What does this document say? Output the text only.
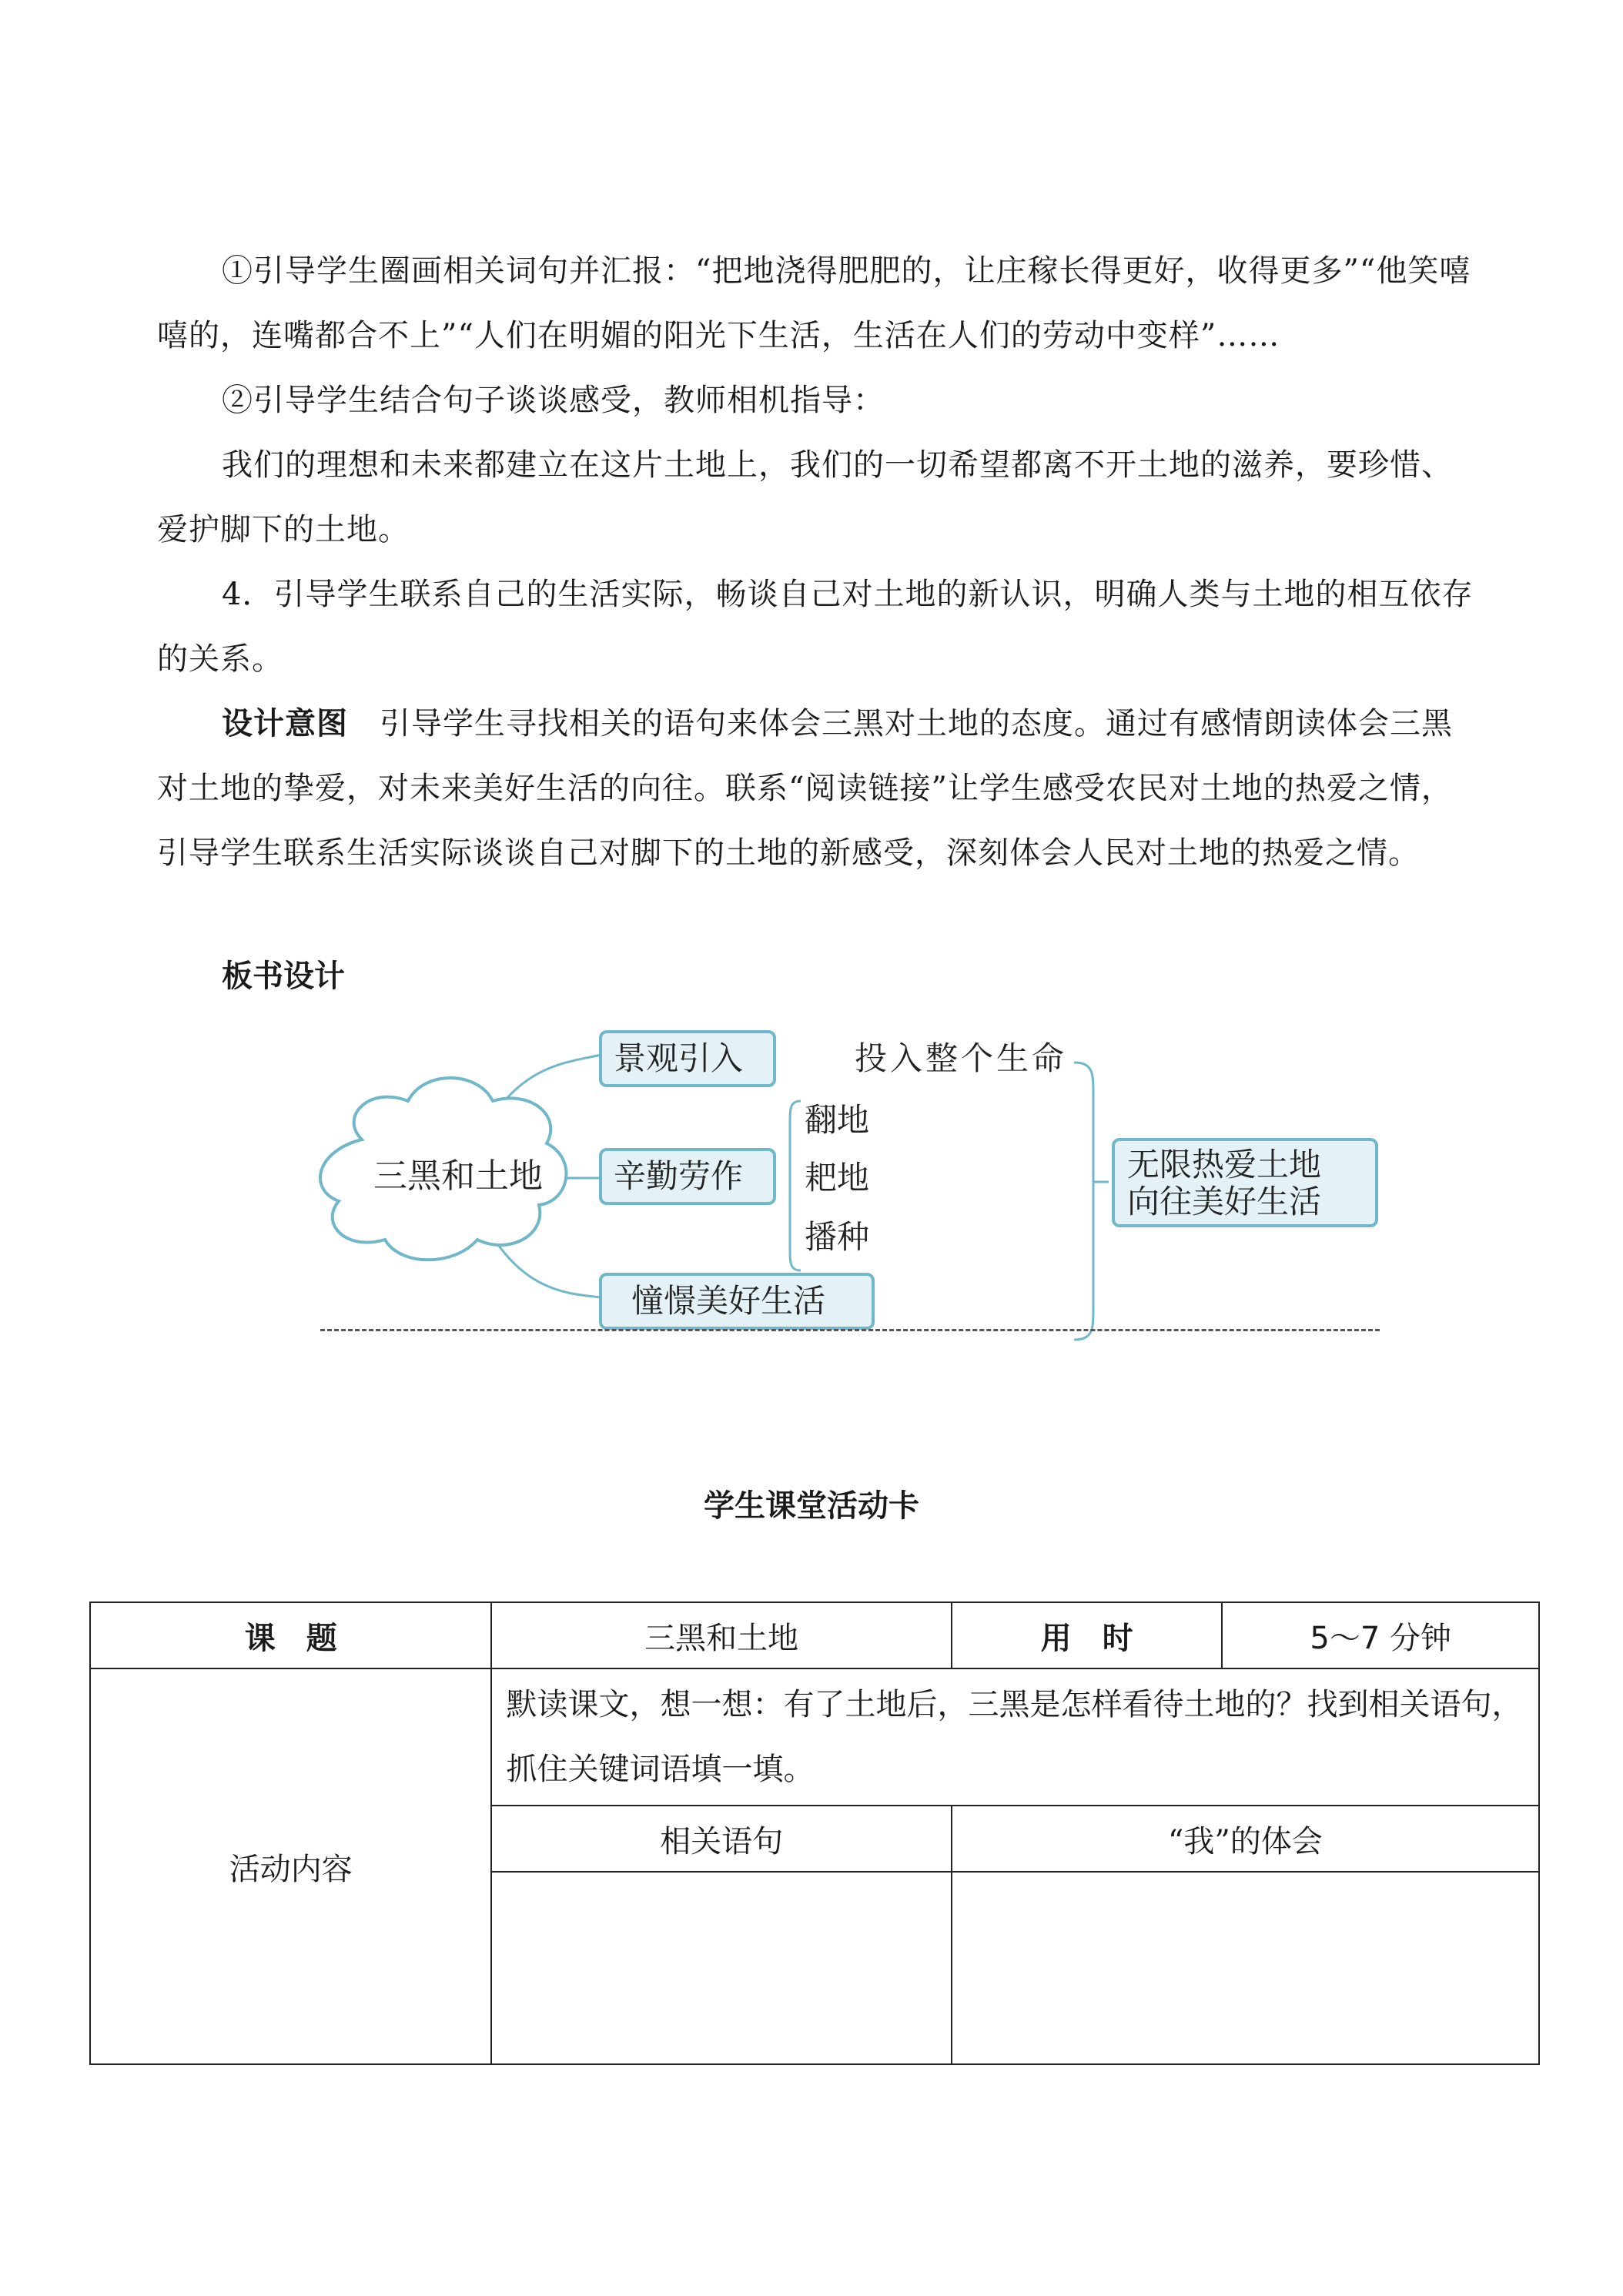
①引导学生圈画相关词句并汇报：“把地浇得肥肥的，让庄稼长得更好，收得更多”“他笑嘻嘻的，连嘴都合不上”“人们在明媚的阳光下生活，生活在人们的劳动中变样”……

②引导学生结合句子谈谈感受，教师相机指导：

我们的理想和未来都建立在这片土地上，我们的一切希望都离不开土地的滋养，要珍惜、爱护脚下的土地。

4．引导学生联系自己的生活实际，畅谈自己对土地的新认识，明确人类与土地的相互依存的关系。

设计意图　引导学生寻找相关的语句来体会三黑对土地的态度。通过有感情朗读体会三黑对土地的挚爱，对未来美好生活的向往。联系“阅读链接”让学生感受农民对土地的热爱之情，引导学生联系生活实际谈谈自己对脚下的土地的新感受，深刻体会人民对土地的热爱之情。

板书设计

三黑和土地
景观引入
辛勤劳作
憧憬美好生活
投入整个生命
翻地
耙地
播种
无限热爱土地
向往美好生活

学生课堂活动卡

课　题	三黑和土地	用　时	5～7 分钟
活动内容	默读课文，想一想：有了土地后，三黑是怎样看待土地的？找到相关语句，抓住关键词语填一填。		
	相关语句	“我”的体会	
